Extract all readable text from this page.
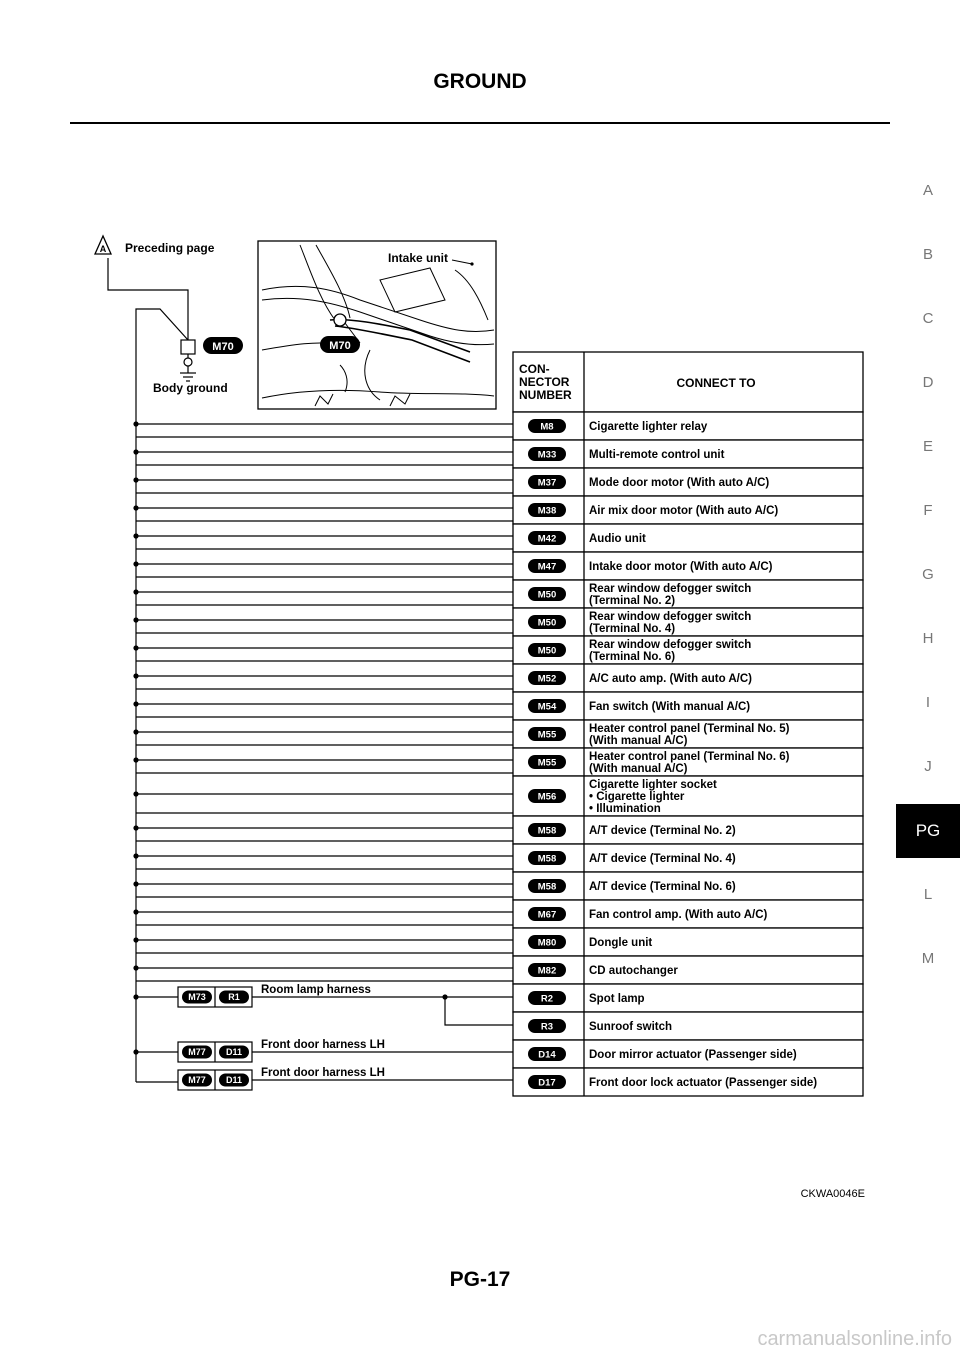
GROUND
A
B
C
D
E
F
G
H
I
J
PG
L
M
A Preceding page
M70
Body ground
Intake unit
M70
CON-
NECTOR
NUMBER
CONNECT TO
M8	Cigarette lighter relay
M33	Multi-remote control unit
M37	Mode door motor (With auto A/C)
M38	Air mix door motor (With auto A/C)
M42	Audio unit
M47	Intake door motor (With auto A/C)
M50	Rear window defogger switch
(Terminal No. 2)
M50	Rear window defogger switch
(Terminal No. 4)
M50	Rear window defogger switch
(Terminal No. 6)
M52	A/C auto amp. (With auto A/C)
M54	Fan switch (With manual A/C)
M55	Heater control panel (Terminal No. 5)
(With manual A/C)
M55	Heater control panel (Terminal No. 6)
(With manual A/C)
M56
Cigarette lighter socket
• Cigarette lighter
• Illumination
M58	A/T device (Terminal No. 2)
M58	A/T device (Terminal No. 4)
M58	A/T device (Terminal No. 6)
M67	Fan control amp. (With auto A/C)
M80	Dongle unit
M82	CD autochanger
R2	Spot lamp
R3	Sunroof switch
D14	Door mirror actuator (Passenger side)
D17	Front door lock actuator (Passenger side)
M73 R1
Room lamp harness
M77 D11
Front door harness LH
M77 D11
Front door harness LH
CKWA0046E
PG-17
carmanualsonline.info
